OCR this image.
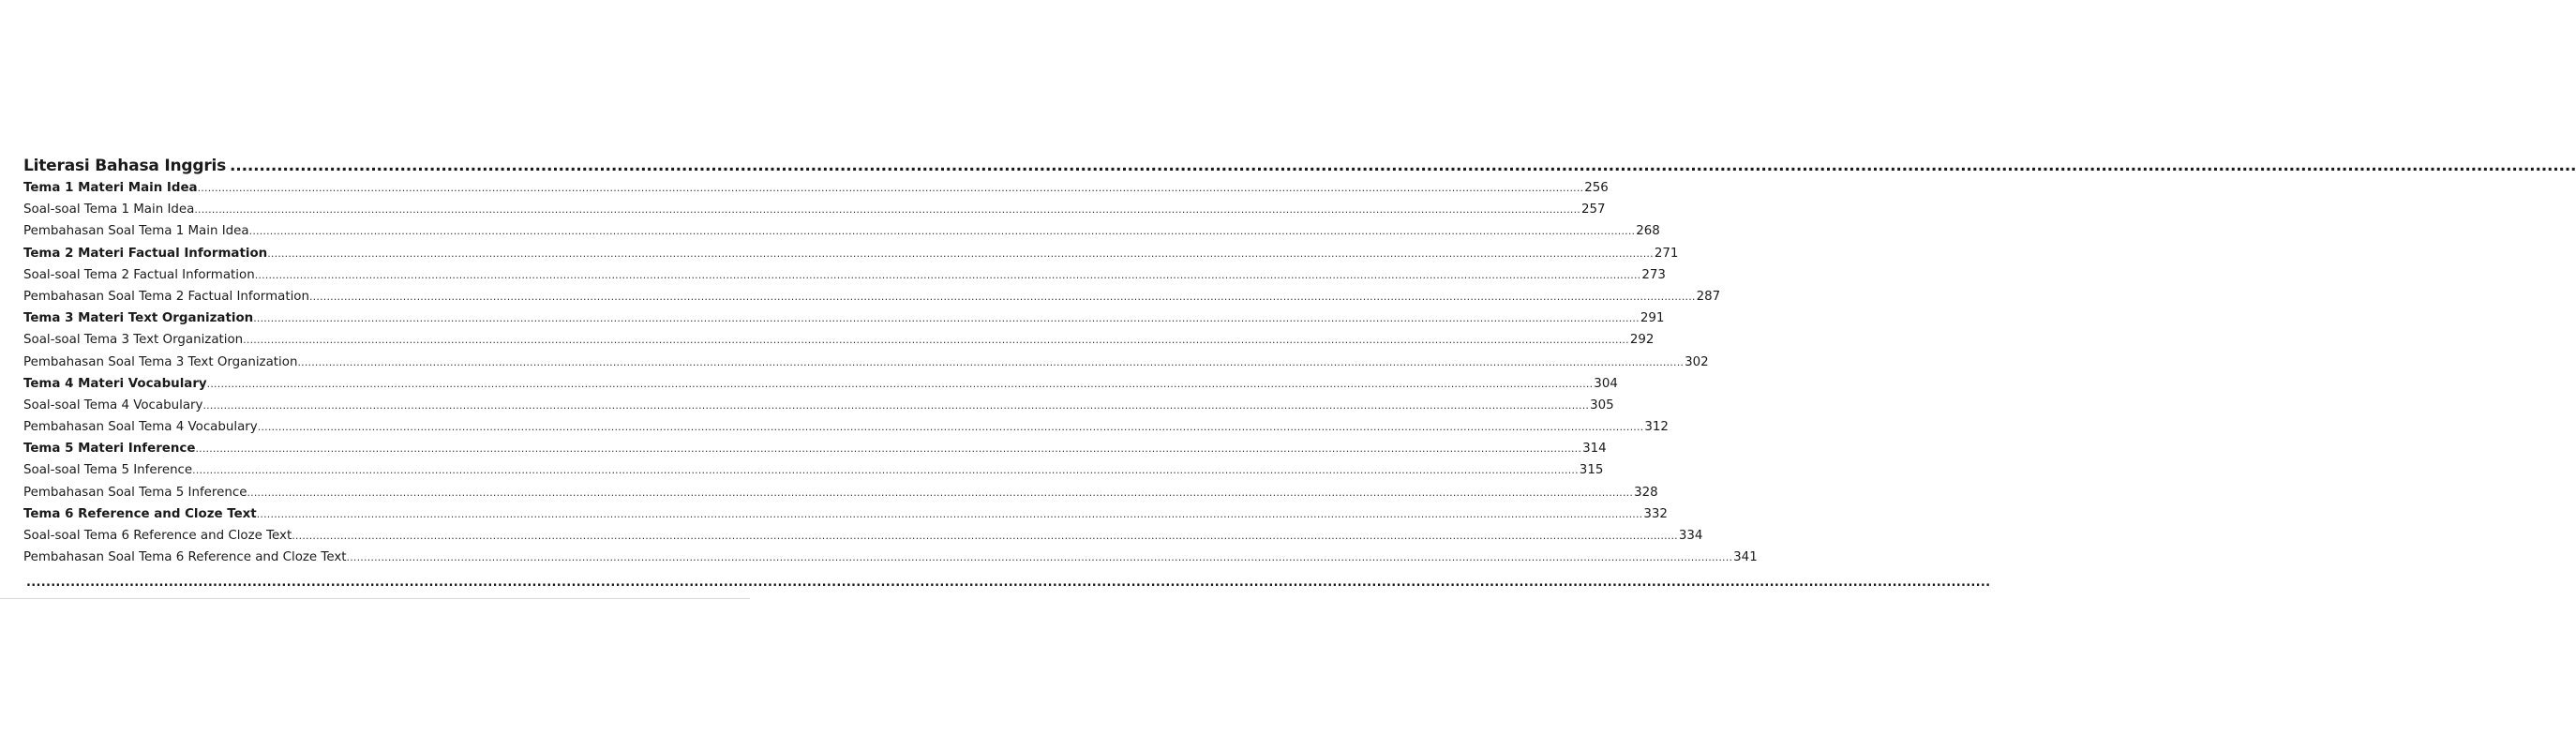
Literasi Bahasa Inggris ................................................................................................................................................................................................................................................................................................................................................................................................................
Tema 1 Materi Main Idea ................................................................................................................................................................................................................................................................................................................................................................................................................ 256
Soal-soal Tema 1 Main Idea ................................................................................................................................................................................................................................................................................................................................................................................................................ 257
Pembahasan Soal Tema 1 Main Idea ................................................................................................................................................................................................................................................................................................................................................................................................................ 268
Tema 2 Materi Factual Information ................................................................................................................................................................................................................................................................................................................................................................................................................ 271
Soal-soal Tema 2 Factual Information ................................................................................................................................................................................................................................................................................................................................................................................................................ 273
Pembahasan Soal Tema 2 Factual Information ................................................................................................................................................................................................................................................................................................................................................................................................................ 287
Tema 3 Materi Text Organization ................................................................................................................................................................................................................................................................................................................................................................................................................ 291
Soal-soal Tema 3 Text Organization ................................................................................................................................................................................................................................................................................................................................................................................................................ 292
Pembahasan Soal Tema 3 Text Organization ................................................................................................................................................................................................................................................................................................................................................................................................................ 302
Tema 4 Materi Vocabulary ................................................................................................................................................................................................................................................................................................................................................................................................................ 304
Soal-soal Tema 4 Vocabulary ................................................................................................................................................................................................................................................................................................................................................................................................................ 305
Pembahasan Soal Tema 4 Vocabulary ................................................................................................................................................................................................................................................................................................................................................................................................................ 312
Tema 5 Materi Inference ................................................................................................................................................................................................................................................................................................................................................................................................................ 314
Soal-soal Tema 5 Inference ................................................................................................................................................................................................................................................................................................................................................................................................................ 315
Pembahasan Soal Tema 5 Inference ................................................................................................................................................................................................................................................................................................................................................................................................................ 328
Tema 6 Reference and Cloze Text ................................................................................................................................................................................................................................................................................................................................................................................................................ 332
Soal-soal Tema 6 Reference and Cloze Text ................................................................................................................................................................................................................................................................................................................................................................................................................ 334
Pembahasan Soal Tema 6 Reference and Cloze Text ................................................................................................................................................................................................................................................................................................................................................................................................................ 341
................................................................................................................................................................................................................................................................................................................................................................................................................
